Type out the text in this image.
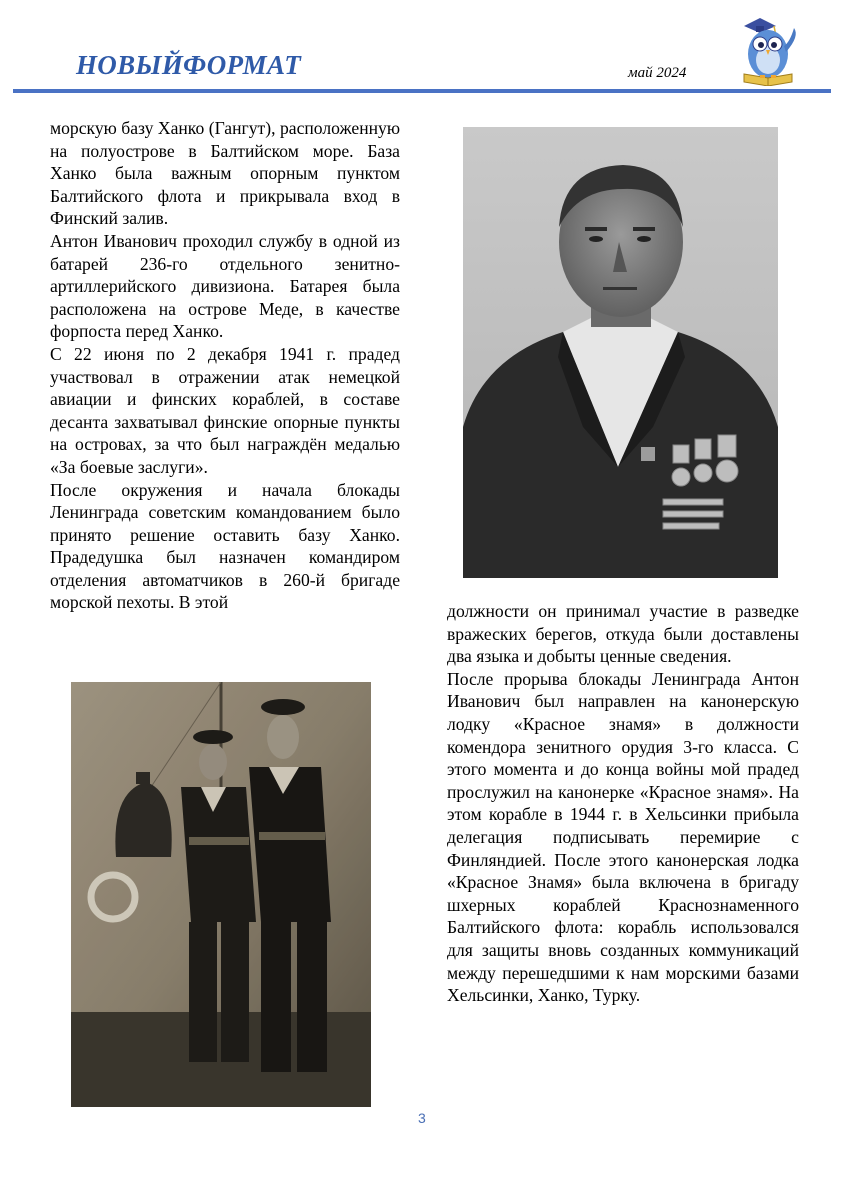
НОВЫЙФОРМАТ	май 2024

морскую базу Ханко (Гангут), расположенную на полуострове в Балтийском море. База Ханко была важным опорным пунктом Балтийского флота и прикрывала вход в Финский залив.

Антон Иванович проходил службу в одной из батарей 236-го отдельного зенитно-артиллерийского дивизиона. Батарея была расположена на острове Меде, в качестве форпоста перед Ханко.

С 22 июня по 2 декабря 1941 г. прадед участвовал в отражении атак немецкой авиации и финских кораблей, в составе десанта захватывал финские опорные пункты на островах, за что был награждён медалью «За боевые заслуги».

После окружения и начала блокады Ленинграда советским командованием было принято решение оставить базу Ханко. Прадедушка был назначен командиром отделения автоматчиков в 260-й бригаде морской пехоты. В этой	должности он принимал участие в разведке вражеских берегов, откуда были доставлены два языка и добыты ценные сведения.

После прорыва блокады Ленинграда Антон Иванович был направлен на канонерскую лодку «Красное знамя» в должности комендора зенитного орудия 3-го класса. С этого момента и до конца войны мой прадед прослужил на канонерке «Красное знамя». На этом корабле в 1944 г. в Хельсинки прибыла делегация подписывать перемирие с Финляндией. После этого канонерская лодка «Красное Знамя» была включена в бригаду шхерных кораблей Краснознаменного Балтийского флота: корабль использовался для защиты вновь созданных коммуникаций между перешедшими к нам морскими базами Хельсинки, Ханко, Турку.

3
